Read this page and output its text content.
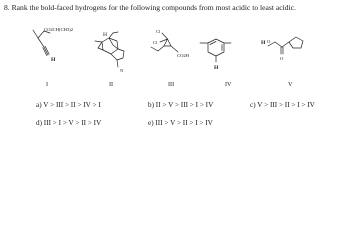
8. Rank the bold-faced hydrogens for the following compounds from most acidic to least acidic.
CO2CH(CH3)2
H
H
N
Cl
Cl
CO2H
H
H O
O
I	II	III	IV	V
a) V > III > II > IV > I	b) II > V > III > I > IV	c) V > III > II > I > IV
d) III > I > V > II > IV	e) III > V > II > I > IV
